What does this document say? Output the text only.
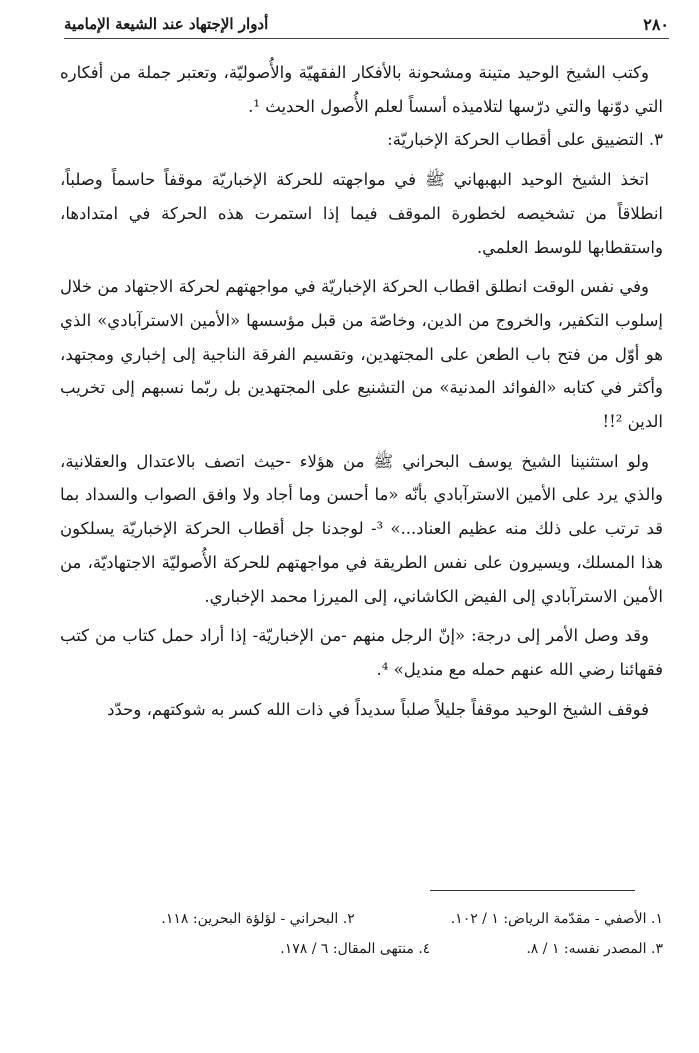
٢٨٠
أدوار الإجتهاد عند الشيعة الإمامية

وكتب الشيخ الوحيد متينة ومشحونة بالأفكار الفقهيّة والأُصوليّة، وتعتبر جملة من أفكاره التي دوّنها والتي درّسها لتلاميذه أسساً لعلم الأُصول الحديث ¹.

٣. التضييق على أقطاب الحركة الإخباريّة:

اتخذ الشيخ الوحيد البهبهاني ﷺ في مواجهته للحركة الإخباريّة موقفاً حاسماً وصلباً، انطلاقاً من تشخيصه لخطورة الموقف فيما إذا استمرت هذه الحركة في امتدادها، واستقطابها للوسط العلمي.

وفي نفس الوقت انطلق اقطاب الحركة الإخباريّة في مواجهتهم لحركة الاجتهاد من خلال إسلوب التكفير، والخروج من الدين، وخاصّة من قبل مؤسسها «الأمين الاسترآبادي» الذي هو أوّل من فتح باب الطعن على المجتهدين، وتقسيم الفرقة الناجية إلى إخباري ومجتهد، وأكثر في كتابه «الفوائد المدنية» من التشنيع على المجتهدين بل ربّما نسبهم إلى تخريب الدين ²!!

ولو استثنينا الشيخ يوسف البحراني ﷺ من هؤلاء -حيث اتصف بالاعتدال والعقلانية، والذي يرد على الأمين الاسترآبادي بأنّه «ما أحسن وما أجاد ولا وافق الصواب والسداد بما قد ترتب على ذلك منه عظيم العناد...» ³- لوجدنا جل أقطاب الحركة الإخباريّة يسلكون هذا المسلك، ويسيرون على نفس الطريقة في مواجهتهم للحركة الأُصوليّة الاجتهاديّة، من الأمين الاسترآبادي إلى الفيض الكاشاني، إلى الميرزا محمد الإخباري.

وقد وصل الأمر إلى درجة: «إنّ الرجل منهم -من الإخباريّة- إذا أراد حمل كتاب من كتب فقهائنا رضي الله عنهم حمله مع منديل» ⁴.

فوقف الشيخ الوحيد موقفاً جليلاً صلباً سديداً في ذات الله كسر به شوكتهم، وحدّد

١. الأصفي - مقدّمة الرياض: ١ / ١٠٢.
٢. البحراني - لؤلؤة البحرين: ١١٨.
٣. المصدر نفسه: ١ / ٨.
٤. منتهى المقال: ٦ / ١٧٨.
